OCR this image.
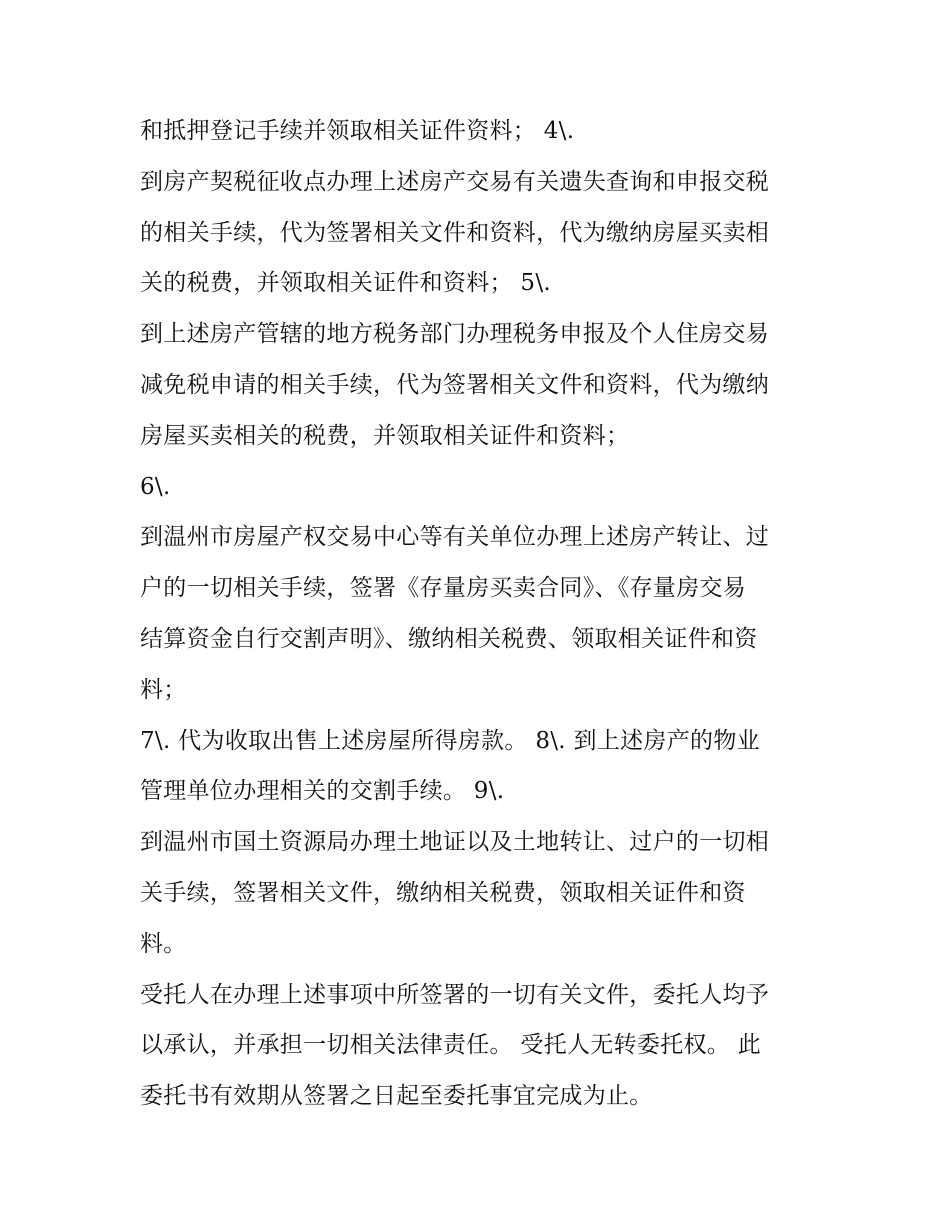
和抵押登记手续并领取相关证件资料； 4\.
到房产契税征收点办理上述房产交易有关遗失查询和申报交税
的相关手续，代为签署相关文件和资料，代为缴纳房屋买卖相
关的税费，并领取相关证件和资料； 5\.
到上述房产管辖的地方税务部门办理税务申报及个人住房交易
减免税申请的相关手续，代为签署相关文件和资料，代为缴纳
房屋买卖相关的税费，并领取相关证件和资料；
6\.
到温州市房屋产权交易中心等有关单位办理上述房产转让、过
户的一切相关手续，签署《存量房买卖合同》、《存量房交易
结算资金自行交割声明》、缴纳相关税费、领取相关证件和资
料；
7\. 代为收取出售上述房屋所得房款。 8\. 到上述房产的物业
管理单位办理相关的交割手续。 9\.
到温州市国土资源局办理土地证以及土地转让、过户的一切相
关手续，签署相关文件，缴纳相关税费，领取相关证件和资
料。
受托人在办理上述事项中所签署的一切有关文件，委托人均予
以承认，并承担一切相关法律责任。 受托人无转委托权。 此
委托书有效期从签署之日起至委托事宜完成为止。
